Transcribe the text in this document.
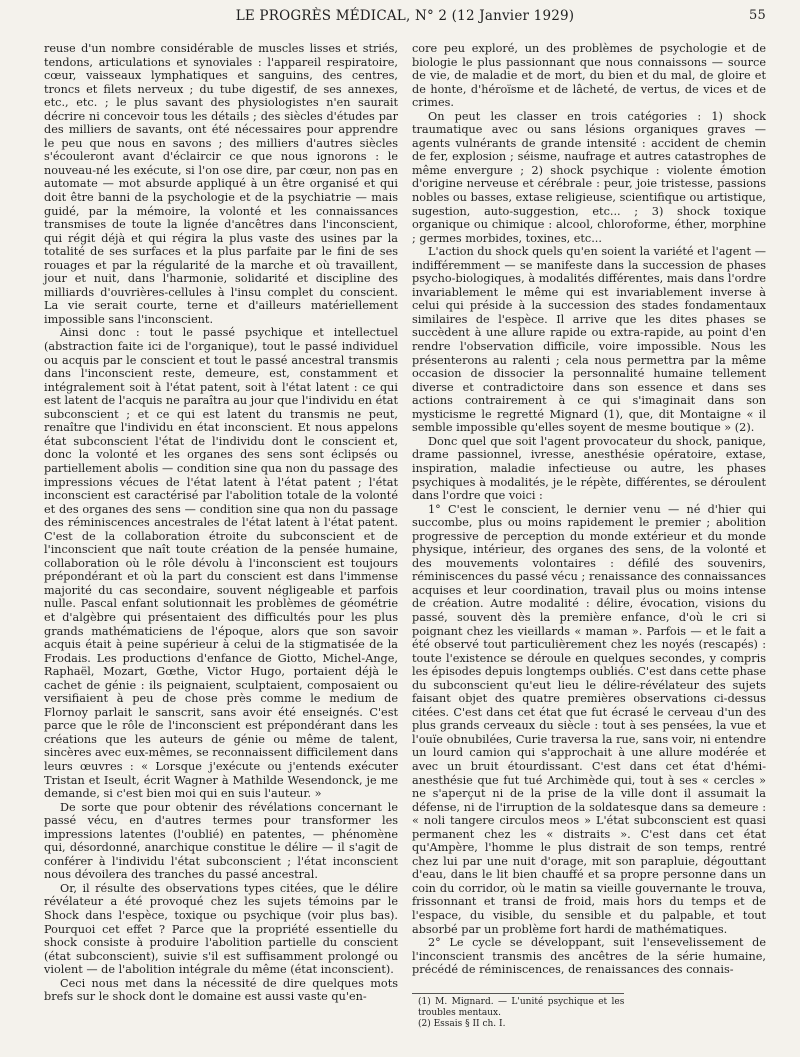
LE PROGRÈS MÉDICAL, N° 2 (12 Janvier 1929)	55

reuse d'un nombre considérable de muscles lisses et striés, tendons, articulations et synoviales : l'appareil respiratoire, cœur, vaisseaux lymphatiques et sanguins, des centres, troncs et filets nerveux ; du tube digestif, de ses annexes, etc., etc. ; le plus savant des physiologistes n'en saurait décrire ni concevoir tous les détails ; des siècles d'études par des milliers de savants, ont été nécessaires pour apprendre le peu que nous en savons ; des milliers d'autres siècles s'écouleront avant d'éclaircir ce que nous ignorons : le nouveau-né les exécute, si l'on ose dire, par cœur, non pas en automate — mot absurde appliqué à un être organisé et qui doit être banni de la psychologie et de la psychiatrie — mais guidé, par la mémoire, la volonté et les connaissances transmises de toute la lignée d'ancêtres dans l'inconscient, qui régit déjà et qui régira la plus vaste des usines par la totalité de ses surfaces et la plus parfaite par le fini de ses rouages et par la régularité de la marche et où travaillent, jour et nuit, dans l'harmonie, solidarité et discipline des milliards d'ouvrières-cellules à l'insu complet du conscient. La vie serait courte, terne et d'ailleurs matériellement impossible sans l'inconscient.

Ainsi donc : tout le passé psychique et intellectuel (abstraction faite ici de l'organique), tout le passé individuel ou acquis par le conscient et tout le passé ancestral transmis dans l'inconscient reste, demeure, est, constamment et intégralement soit à l'état patent, soit à l'état latent : ce qui est latent de l'acquis ne paraîtra au jour que l'individu en état subconscient ; et ce qui est latent du transmis ne peut, renaître que l'individu en état inconscient. Et nous appelons état subconscient l'état de l'individu dont le conscient et, donc la volonté et les organes des sens sont éclipsés ou partiellement abolis — condition sine qua non du passage des impressions vécues de l'état latent à l'état patent ; l'état inconscient est caractérisé par l'abolition totale de la volonté et des organes des sens — condition sine qua non du passage des réminiscences ancestrales de l'état latent à l'état patent. C'est de la collaboration étroite du subconscient et de l'inconscient que naît toute création de la pensée humaine, collaboration où le rôle dévolu à l'inconscient est toujours prépondérant et où la part du conscient est dans l'immense majorité du cas secondaire, souvent négligeable et parfois nulle. Pascal enfant solutionnait les problèmes de géométrie et d'algèbre qui présentaient des difficultés pour les plus grands mathématiciens de l'époque, alors que son savoir acquis était à peine supérieur à celui de la stigmatisée de la Frodais. Les productions d'enfance de Giotto, Michel-Ange, Raphaël, Mozart, Gœthe, Victor Hugo, portaient déjà le cachet de génie : ils peignaient, sculptaient, composaient ou versifiaient à peu de chose près comme le medium de Flornoy parlait le sanscrit, sans avoir été enseignés. C'est parce que le rôle de l'inconscient est prépondérant dans les créations que les auteurs de génie ou même de talent, sincères avec eux-mêmes, se reconnaissent difficilement dans leurs œuvres : « Lorsque j'exécute ou j'entends exécuter Tristan et Iseult, écrit Wagner à Mathilde Wesendonck, je me demande, si c'est bien moi qui en suis l'auteur. »

De sorte que pour obtenir des révélations concernant le passé vécu, en d'autres termes pour transformer les impressions latentes (l'oublié) en patentes, — phénomène qui, désordonné, anarchique constitue le délire — il s'agit de conférer à l'individu l'état subconscient ; l'état inconscient nous dévoilera des tranches du passé ancestral.

Or, il résulte des observations types citées, que le délire révélateur a été provoqué chez les sujets témoins par le Shock dans l'espèce, toxique ou psychique (voir plus bas). Pourquoi cet effet ? Parce que la propriété essentielle du shock consiste à produire l'abolition partielle du conscient (état subconscient), suivie s'il est suffisamment prolongé ou violent — de l'abolition intégrale du même (état inconscient).

Ceci nous met dans la nécessité de dire quelques mots brefs sur le shock dont le domaine est aussi vaste qu'en-

core peu exploré, un des problèmes de psychologie et de biologie le plus passionnant que nous connaissons — source de vie, de maladie et de mort, du bien et du mal, de gloire et de honte, d'héroïsme et de lâcheté, de vertus, de vices et de crimes.

On peut les classer en trois catégories : 1) shock traumatique avec ou sans lésions organiques graves — agents vulnérants de grande intensité : accident de chemin de fer, explosion ; séisme, naufrage et autres catastrophes de même envergure ; 2) shock psychique : violente émotion d'origine nerveuse et cérébrale : peur, joie tristesse, passions nobles ou basses, extase religieuse, scientifique ou artistique, sugestion, auto-suggestion, etc... ; 3) shock toxique organique ou chimique : alcool, chloroforme, éther, morphine ; germes morbides, toxines, etc...

L'action du shock quels qu'en soient la variété et l'agent — indifféremment — se manifeste dans la succession de phases psycho-biologiques, à modalités différentes, mais dans l'ordre invariablement le même qui est invariablement inverse à celui qui préside à la succession des stades fondamentaux similaires de l'espèce. Il arrive que les dites phases se succèdent à une allure rapide ou extra-rapide, au point d'en rendre l'observation difficile, voire impossible. Nous les présenterons au ralenti ; cela nous permettra par la même occasion de dissocier la personnalité humaine tellement diverse et contradictoire dans son essence et dans ses actions contrairement à ce qui s'imaginait dans son mysticisme le regretté Mignard (1), que, dit Montaigne « il semble impossible qu'elles soyent de mesme boutique » (2).

Donc quel que soit l'agent provocateur du shock, panique, drame passionnel, ivresse, anesthésie opératoire, extase, inspiration, maladie infectieuse ou autre, les phases psychiques à modalités, je le répète, différentes, se déroulent dans l'ordre que voici :

1° C'est le conscient, le dernier venu — né d'hier qui succombe, plus ou moins rapidement le premier ; abolition progressive de perception du monde extérieur et du monde physique, intérieur, des organes des sens, de la volonté et des mouvements volontaires : défilé des souvenirs, réminiscences du passé vécu ; renaissance des connaissances acquises et leur coordination, travail plus ou moins intense de création. Autre modalité : délire, évocation, visions du passé, souvent dès la première enfance, d'où le cri si poignant chez les vieillards « maman ». Parfois — et le fait a été observé tout particulièrement chez les noyés (rescapés) : toute l'existence se déroule en quelques secondes, y compris les épisodes depuis longtemps oubliés. C'est dans cette phase du subconscient qu'eut lieu le délire-révélateur des sujets faisant objet des quatre premières observations ci-dessus citées. C'est dans cet état que fut écrasé le cerveau d'un des plus grands cerveaux du siècle : tout à ses pensées, la vue et l'ouïe obnubilées, Curie traversa la rue, sans voir, ni entendre un lourd camion qui s'approchait à une allure modérée et avec un bruit étourdissant. C'est dans cet état d'hémi-anesthésie que fut tué Archimède qui, tout à ses « cercles » ne s'aperçut ni de la prise de la ville dont il assumait la défense, ni de l'irruption de la soldatesque dans sa demeure : « noli tangere circulos meos » L'état subconscient est quasi permanent chez les « distraits ». C'est dans cet état qu'Ampère, l'homme le plus distrait de son temps, rentré chez lui par une nuit d'orage, mit son parapluie, dégouttant d'eau, dans le lit bien chauffé et sa propre personne dans un coin du corridor, où le matin sa vieille gouvernante le trouva, frissonnant et transi de froid, mais hors du temps et de l'espace, du visible, du sensible et du palpable, et tout absorbé par un problème fort hardi de mathématiques.

2° Le cycle se développant, suit l'ensevelissement de l'inconscient transmis des ancêtres de la série humaine, précédé de réminiscences, de renaissances des connais-

(1) M. Mignard. — L'unité psychique et les troubles mentaux.
(2) Essais § II ch. I.
